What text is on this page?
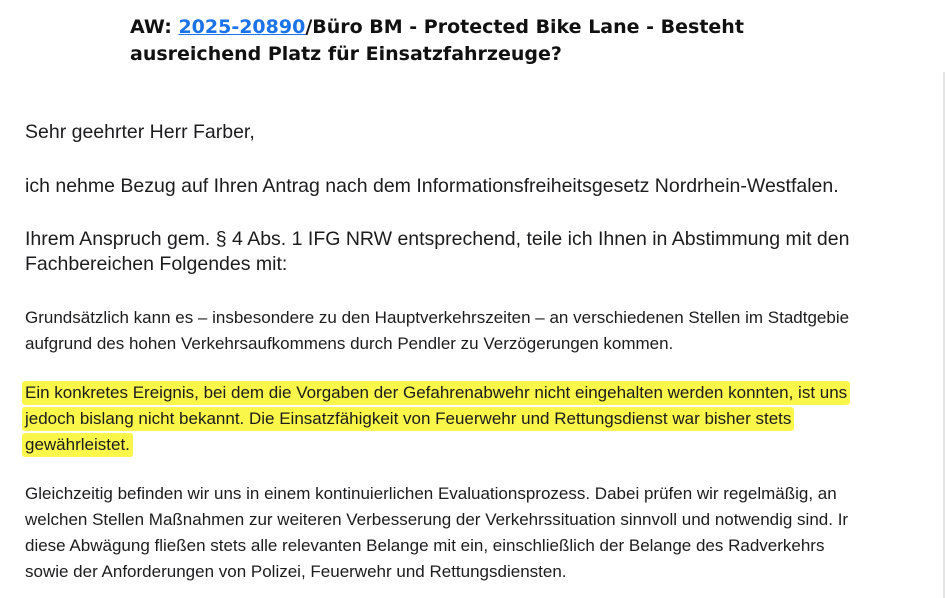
AW: 2025-20890/Büro BM - Protected Bike Lane - Besteht
ausreichend Platz für Einsatzfahrzeuge?

Sehr geehrter Herr Farber,

ich nehme Bezug auf Ihren Antrag nach dem Informationsfreiheitsgesetz Nordrhein-Westfalen.

Ihrem Anspruch gem. § 4 Abs. 1 IFG NRW entsprechend, teile ich Ihnen in Abstimmung mit den
Fachbereichen Folgendes mit:

Grundsätzlich kann es – insbesondere zu den Hauptverkehrszeiten – an verschiedenen Stellen im Stadtgebie
aufgrund des hohen Verkehrsaufkommens durch Pendler zu Verzögerungen kommen.

Ein konkretes Ereignis, bei dem die Vorgaben der Gefahrenabwehr nicht eingehalten werden konnten, ist uns
jedoch bislang nicht bekannt. Die Einsatzfähigkeit von Feuerwehr und Rettungsdienst war bisher stets
gewährleistet.

Gleichzeitig befinden wir uns in einem kontinuierlichen Evaluationsprozess. Dabei prüfen wir regelmäßig, an
welchen Stellen Maßnahmen zur weiteren Verbesserung der Verkehrssituation sinnvoll und notwendig sind. Ir
diese Abwägung fließen stets alle relevanten Belange mit ein, einschließlich der Belange des Radverkehrs
sowie der Anforderungen von Polizei, Feuerwehr und Rettungsdiensten.
